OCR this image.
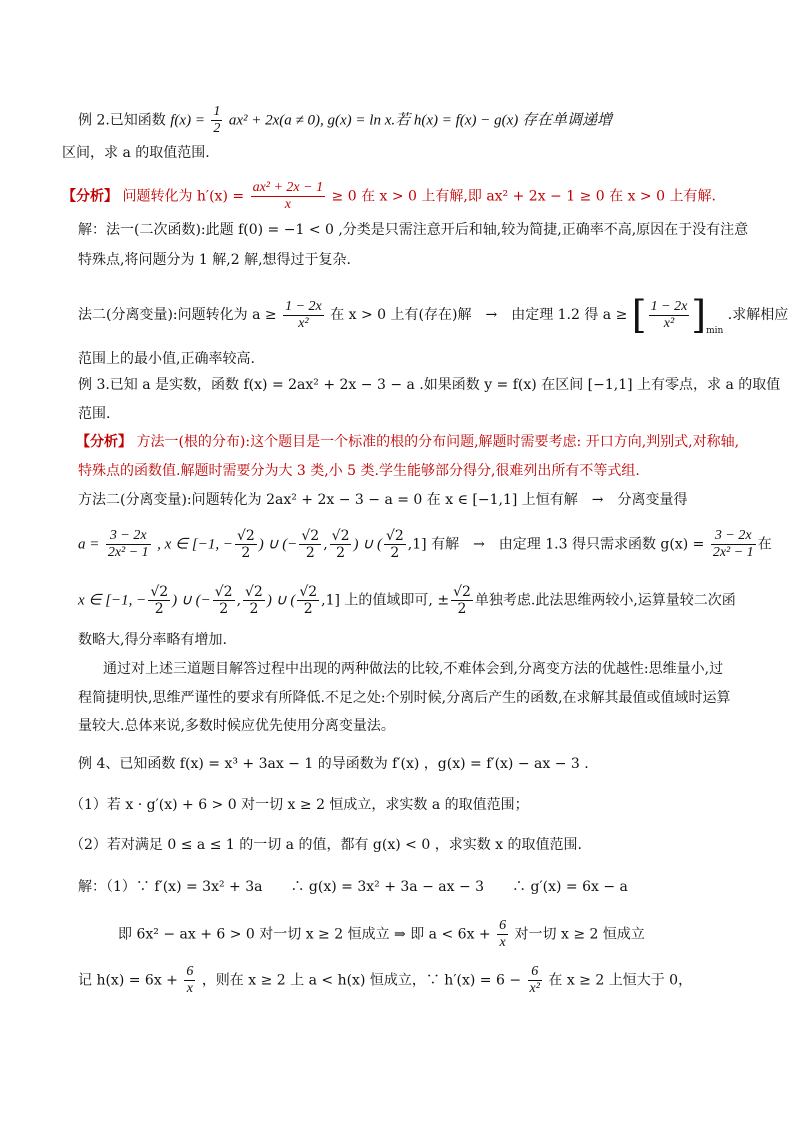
例 2.已知函数 $f(x) = \frac{1}{2} ax^2 + 2x(a \ne 0)$, g(x) = ln x.若 h(x) = f(x) − g(x) 存在单调递增
区间，求 a 的取值范围.
【分析】 问题转化为 $h'(x) = \frac{\text{ax² + 2x − 1}}{x} \ge 0$ 在 x > 0 上有解,即 ax² + 2x − 1 ≥ 0 在 x > 0 上有解.
解：法一(二次函数):此题 f(0) = −1 < 0 ,分类是只需注意开后和轴,较为简捷,正确率不高,原因在于没有注意
特殊点,将问题分为 1 解,2 解,想得过于复杂.
法二(分离变量):问题转化为 $a \ge \frac{1 - 2x}{\text{x²}}$ 在 x > 0 上有(存在)解　→　由定理 1.2 得 a ≥ [ $\frac{1 - 2x}{\text{x²}} ]_{min}$ .求解相应
范围上的最小值,正确率较高.
例 3.已知 a 是实数，函数 f(x) = 2ax² + 2x − 3 − a .如果函数 y = f(x) 在区间 [−1,1] 上有零点，求 a 的取值
范围.
【分析】 方法一(根的分布):这个题目是一个标准的根的分布问题,解题时需要考虑: 开口方向,判别式,对称轴,
特殊点的函数值.解题时需要分为大 3 类,小 5 类.学生能够部分得分,很难列出所有不等式组.
方法二(分离变量):问题转化为 2ax² + 2x − 3 − a = 0 在 x ∈ [−1,1] 上恒有解　→　分离变量得
$a = \frac{3 - 2x}{\text{2x² − 1}}$ , x ∈ [−1, − $\frac{√2}{2}$ ) ∪ (− $\frac{√2}{2}$ , $\frac{√2}{2}$ ) ∪ ( $\frac{√2}{2} ,1$] 有解　→　由定理 1.3 得只需求函数 $g(x) = \frac{3 - 2x}{\text{2x² − 1}}$ 在
x ∈ [−1, − $\frac{√2}{2}$ ) ∪ (− $\frac{√2}{2}$ , $\frac{√2}{2}$ ) ∪ ( $\frac{√2}{2} ,1$] 上的值域即可, ± $\frac{√2}{2}$ 单独考虑.此法思维两较小,运算量较二次函
数略大,得分率略有增加.
通过对上述三道题目解答过程中出现的两种做法的比较,不难体会到,分离变方法的优越性:思维量小,过
程简捷明快,思维严谨性的要求有所降低.不足之处:个别时候,分离后产生的函数,在求解其最值或值域时运算
量较大.总体来说,多数时候应优先使用分离变量法。
例 4、已知函数 f(x) = x³ + 3ax − 1 的导函数为 f′(x) ，g(x) = f′(x) − ax − 3 .
（1）若 x · g′(x) + 6 > 0 对一切 x ≥ 2 恒成立，求实数 a 的取值范围；
（2）若对满足 0 ≤ a ≤ 1 的一切 a 的值，都有 g(x) < 0 ，求实数 x 的取值范围.
解：（1）∵ f′(x) = 3x² + 3a　　∴ g(x) = 3x² + 3a − ax − 3　　∴ g′(x) = 6x − a
即 6x² − ax + 6 > 0 对一切 x ≥ 2 恒成立 ⇒ 即 $a < 6x + \frac{6}{x}$ 对一切 x ≥ 2 恒成立
记 $h(x) = 6x + \frac{6}{x}$ ，则在 x ≥ 2 上 a < h(x) 恒成立，∵ $h'(x) = 6 - \frac{6}{\text{x²}}$ 在 x ≥ 2 上恒大于 0，
